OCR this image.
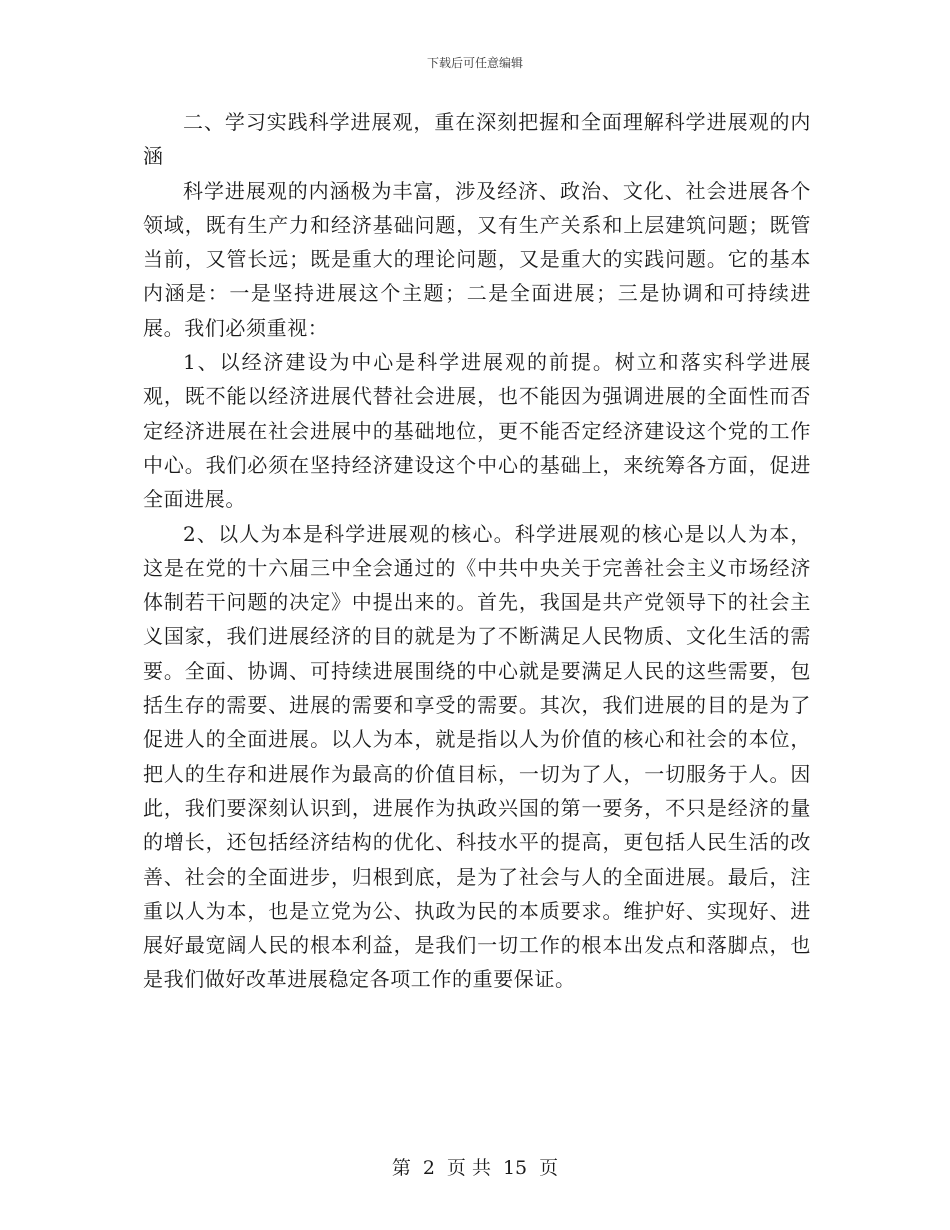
下载后可任意编辑

二、学习实践科学进展观，重在深刻把握和全面理解科学进展观的内涵

科学进展观的内涵极为丰富，涉及经济、政治、文化、社会进展各个领域，既有生产力和经济基础问题，又有生产关系和上层建筑问题；既管当前，又管长远；既是重大的理论问题，又是重大的实践问题。它的基本内涵是：一是坚持进展这个主题；二是全面进展；三是协调和可持续进展。我们必须重视：

1、以经济建设为中心是科学进展观的前提。树立和落实科学进展观，既不能以经济进展代替社会进展，也不能因为强调进展的全面性而否定经济进展在社会进展中的基础地位，更不能否定经济建设这个党的工作中心。我们必须在坚持经济建设这个中心的基础上，来统筹各方面，促进全面进展。

2、以人为本是科学进展观的核心。科学进展观的核心是以人为本，这是在党的十六届三中全会通过的《中共中央关于完善社会主义市场经济体制若干问题的决定》中提出来的。首先，我国是共产党领导下的社会主义国家，我们进展经济的目的就是为了不断满足人民物质、文化生活的需要。全面、协调、可持续进展围绕的中心就是要满足人民的这些需要，包括生存的需要、进展的需要和享受的需要。其次，我们进展的目的是为了促进人的全面进展。以人为本，就是指以人为价值的核心和社会的本位，把人的生存和进展作为最高的价值目标，一切为了人，一切服务于人。因此，我们要深刻认识到，进展作为执政兴国的第一要务，不只是经济的量的增长，还包括经济结构的优化、科技水平的提高，更包括人民生活的改善、社会的全面进步，归根到底，是为了社会与人的全面进展。最后，注重以人为本，也是立党为公、执政为民的本质要求。维护好、实现好、进展好最宽阔人民的根本利益，是我们一切工作的根本出发点和落脚点，也是我们做好改革进展稳定各项工作的重要保证。

第 2 页 共 15 页
